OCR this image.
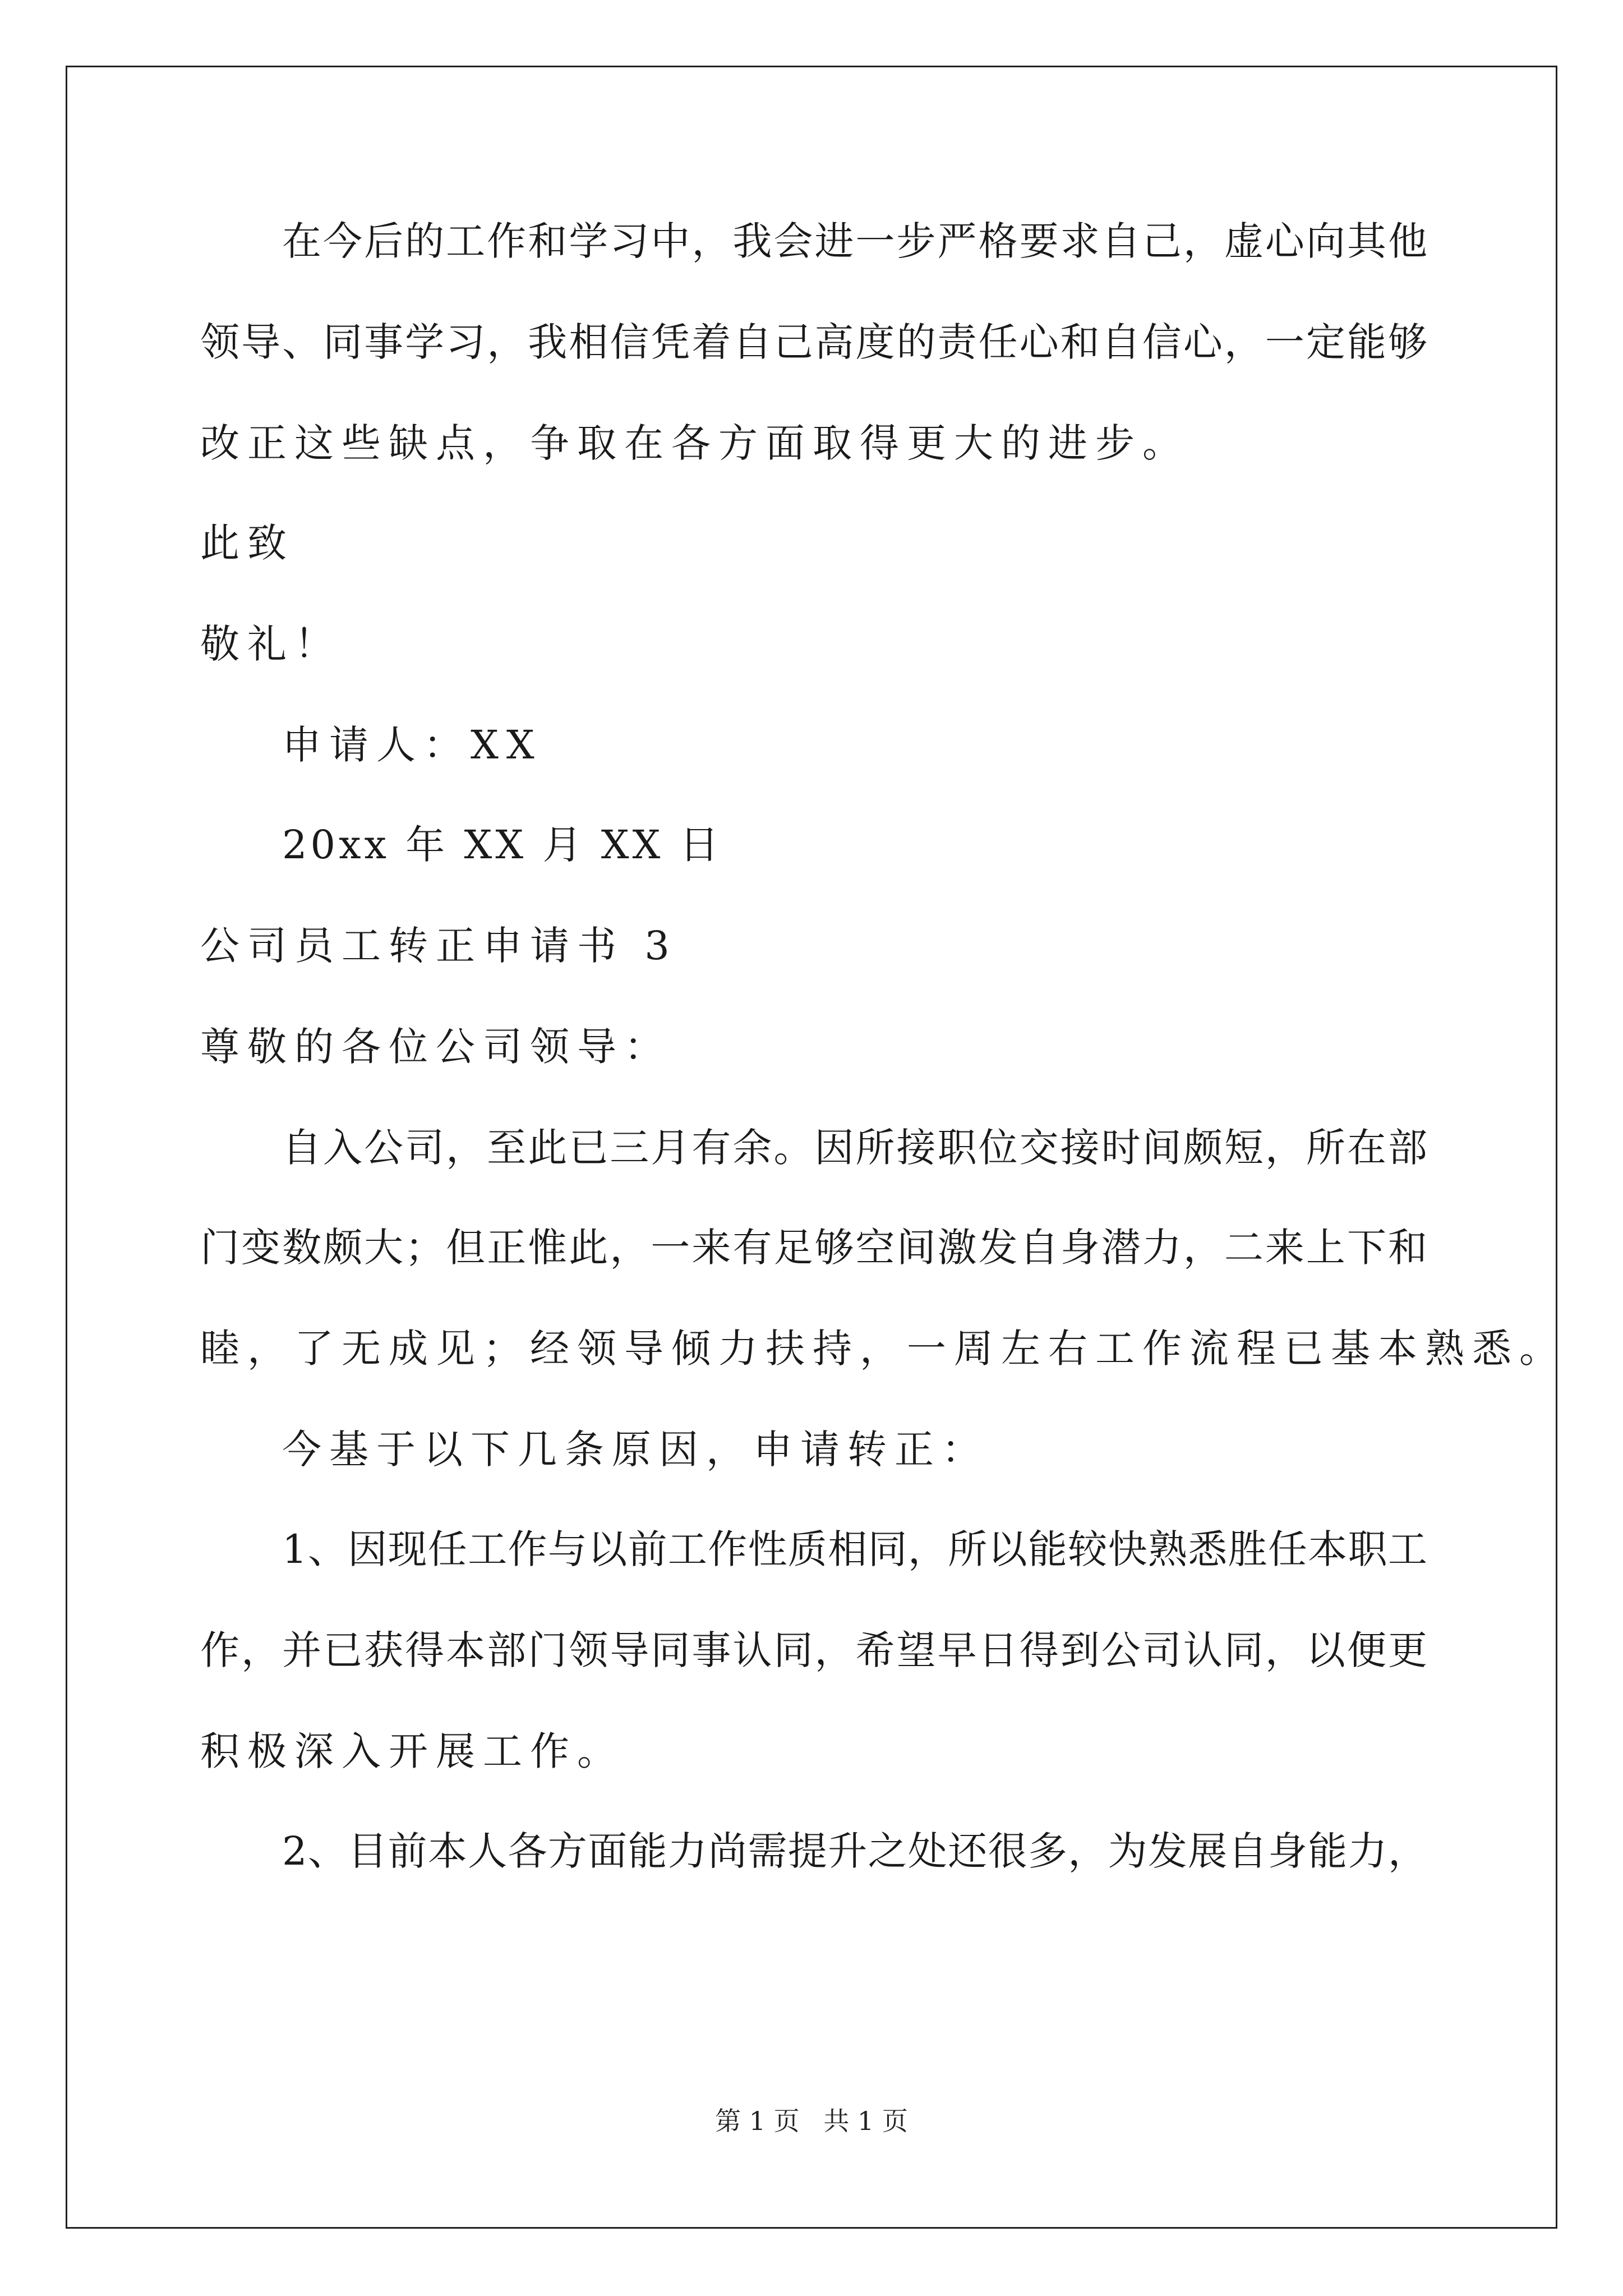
在今后的工作和学习中，我会进一步严格要求自己，虚心向其他
领导、同事学习，我相信凭着自己高度的责任心和自信心，一定能够
改正这些缺点，争取在各方面取得更大的进步。
此致
敬礼！
申请人：XX
20xx 年 XX 月 XX 日
公司员工转正申请书 3
尊敬的各位公司领导：
自入公司，至此已三月有余。因所接职位交接时间颇短，所在部
门变数颇大；但正惟此，一来有足够空间激发自身潜力，二来上下和
睦，了无成见；经领导倾力扶持，一周左右工作流程已基本熟悉。
今基于以下几条原因，申请转正：
1、因现任工作与以前工作性质相同，所以能较快熟悉胜任本职工
作，并已获得本部门领导同事认同，希望早日得到公司认同，以便更
积极深入开展工作。
2、目前本人各方面能力尚需提升之处还很多，为发展自身能力，
第 1 页 共 1 页
